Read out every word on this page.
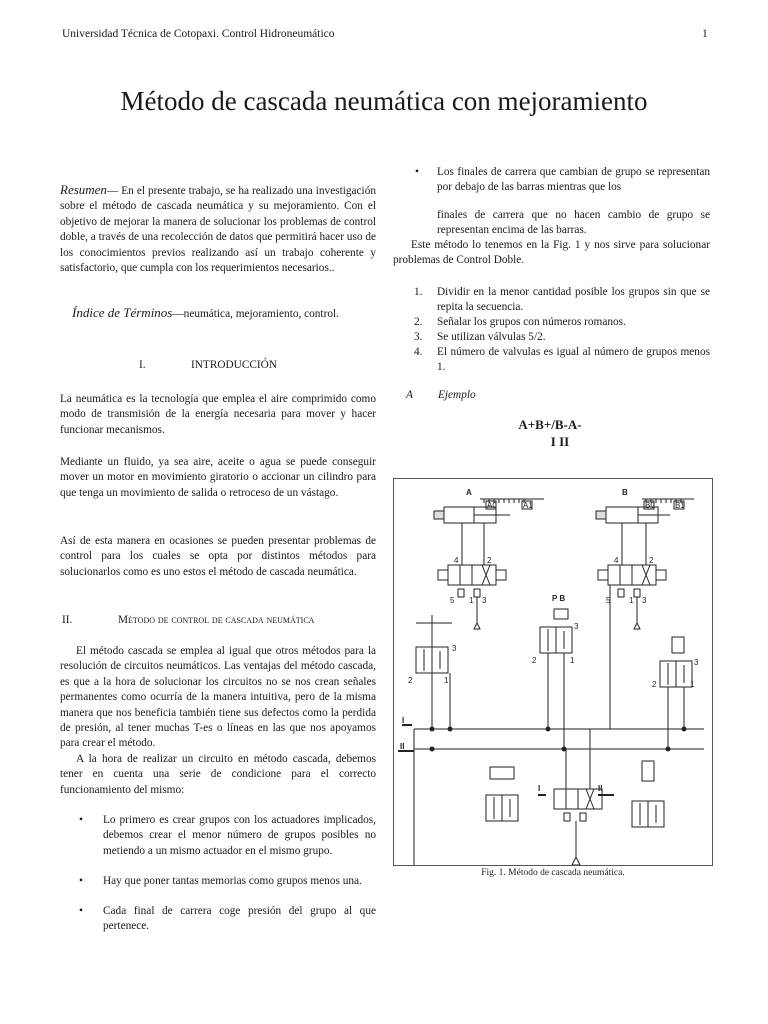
Universidad Técnica de Cotopaxi. Control Hidroneumático	1
Método de cascada neumática con mejoramiento
Resumen— En el presente trabajo, se ha realizado una investigación sobre el método de cascada neumática y su mejoramiento. Con el objetivo de mejorar la manera de solucionar los problemas de control doble, a través de una recolección de datos que permitirá hacer uso de los conocimientos previos realizando así un trabajo coherente y satisfactorio, que cumpla con los requerimientos necesarios..
Índice de Términos—neumática, mejoramiento, control.
I.	INTRODUCCIÓN
La neumática es la tecnología que emplea el aire comprimido como modo de transmisión de la energía necesaria para mover y hacer funcionar mecanismos.
Mediante un fluido, ya sea aire, aceite o agua se puede conseguir mover un motor en movimiento giratorio o accionar un cilindro para que tenga un movimiento de salida o retroceso de un vástago.
Así de esta manera en ocasiones se pueden presentar problemas de control para los cuales se opta por distintos métodos para solucionarlos como es uno estos el método de cascada neumática.
II.	Método de control de cascada neumática
El método cascada se emplea al igual que otros métodos para la resolución de circuitos neumáticos. Las ventajas del método cascada, es que a la hora de solucionar los circuitos no se nos crean señales permanentes como ocurría de la manera intuitiva, pero de la misma manera que nos beneficia también tiene sus defectos como la perdida de presión, al tener muchas T-es o líneas en las que nos apoyamos para crear el método.
A la hora de realizar un circuito en método cascada, debemos tener en cuenta una serie de condicione para el correcto funcionamiento del mismo:
• Lo primero es crear grupos con los actuadores implicados, debemos crear el menor número de grupos posibles no metiendo a un mismo actuador en el mismo grupo.
• Hay que poner tantas memorias como grupos menos una.
• Cada final de carrera coge presión del grupo al que pertenece.
• Los finales de carrera que cambian de grupo se representan por debajo de las barras mientras que los
finales de carrera que no hacen cambio de grupo se representan encima de las barras.
Este método lo tenemos en la Fig. 1 y nos sirve para solucionar problemas de Control Doble.
1. Dividir en la menor cantidad posible los grupos sin que se repita la secuencia.
2. Señalar los grupos con números romanos.
3. Se utilizan válvulas 5/2.
4. El número de valvulas es igual al número de grupos menos 1.
A Ejemplo
A+B+/B-A-
I II
A
A0	A1
B
B0	B1
4	2
5 1 3
4	2
5 1 3
P B
3
2	1
3
2	1	3
2	1
I
II
I	II
Fig. 1. Método de cascada neumática.
